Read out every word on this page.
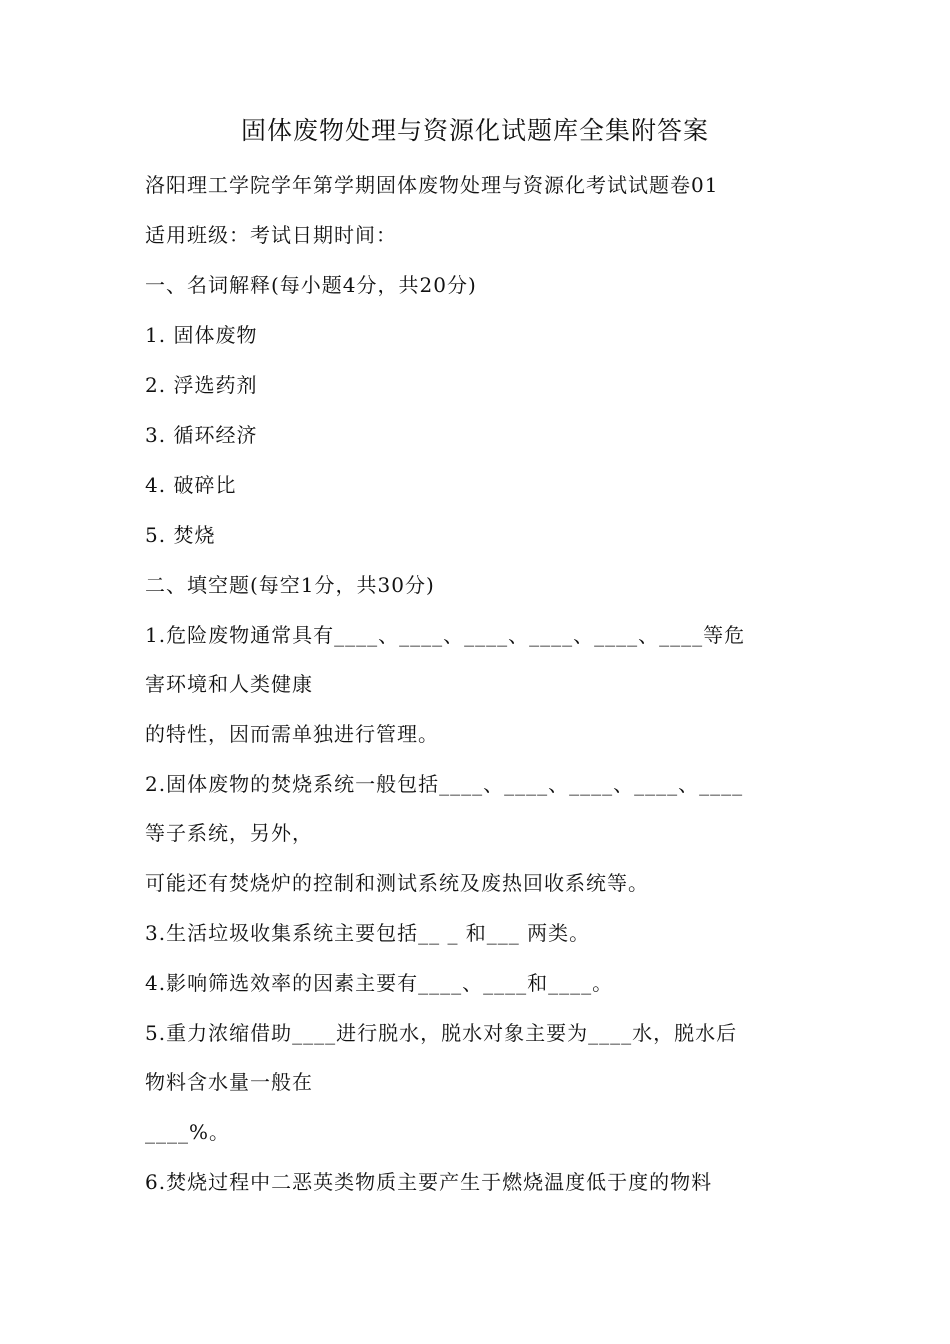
固体废物处理与资源化试题库全集附答案
洛阳理工学院学年第学期固体废物处理与资源化考试试题卷01
适用班级：考试日期时间：
一、名词解释(每小题4分，共20分)
1. 固体废物
2. 浮选药剂
3. 循环经济
4. 破碎比
5. 焚烧
二、填空题(每空1分，共30分)
1.危险废物通常具有____、____、____、____、____、____等危
害环境和人类健康
的特性，因而需单独进行管理。
2.固体废物的焚烧系统一般包括____、____、____、____、____
等子系统，另外，
可能还有焚烧炉的控制和测试系统及废热回收系统等。
3.生活垃圾收集系统主要包括__ _ 和___ 两类。
4.影响筛选效率的因素主要有____、____和____。
5.重力浓缩借助____进行脱水，脱水对象主要为____水，脱水后
物料含水量一般在
____%。
6.焚烧过程中二恶英类物质主要产生于燃烧温度低于度的物料
